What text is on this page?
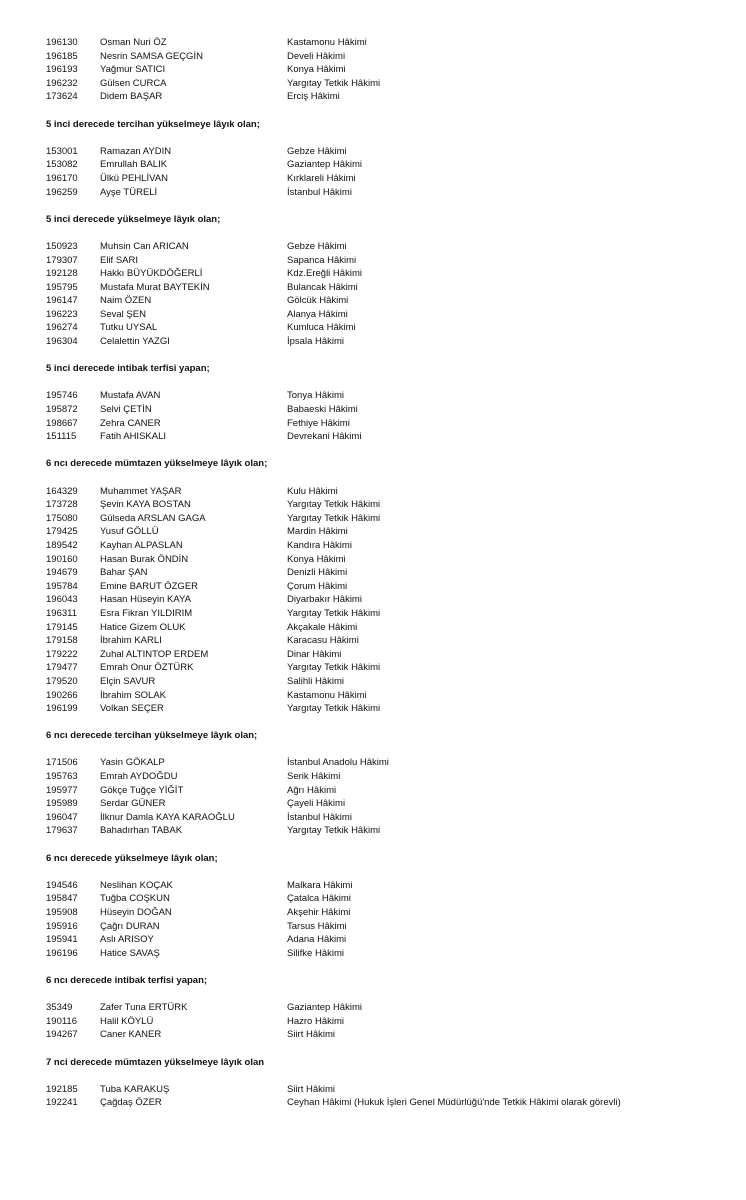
196130 Osman Nuri ÖZ	Kastamonu Hâkimi
196185 Nesrin SAMSA GEÇGİN	Develi Hâkimi
196193 Yağmur SATICI	Konya Hâkimi
196232 Gülsen CURCA	Yargıtay Tetkik Hâkimi
173624 Didem BAŞAR	Erciş Hâkimi
5 inci derecede tercihan yükselmeye lâyık olan;
153001 Ramazan AYDIN	Gebze Hâkimi
153082 Emrullah BALIK	Gaziantep Hâkimi
196170 Ülkü PEHLİVAN	Kırklareli Hâkimi
196259 Ayşe TÜRELİ	İstanbul Hâkimi
5 inci derecede yükselmeye lâyık olan;
150923 Muhsin Can ARICAN	Gebze Hâkimi
179307 Elif SARI	Sapanca Hâkimi
192128 Hakkı BÜYÜKDÖĞERLİ	Kdz.Ereğli Hâkimi
195795 Mustafa Murat BAYTEKİN	Bulancak Hâkimi
196147 Naim ÖZEN	Gölcük Hâkimi
196223 Seval ŞEN	Alanya Hâkimi
196274 Tutku UYSAL	Kumluca Hâkimi
196304 Celalettin YAZGI	İpsala Hâkimi
5 inci derecede intibak terfisi yapan;
195746 Mustafa AVAN	Tonya Hâkimi
195872 Selvi ÇETİN	Babaeski Hâkimi
198667 Zehra CANER	Fethiye Hâkimi
151115 Fatih AHISKALI	Devrekani Hâkimi
6 ncı derecede mümtazen yükselmeye lâyık olan;
164329 Muhammet YAŞAR	Kulu Hâkimi
173728 Şevin KAYA BOSTAN	Yargıtay Tetkik Hâkimi
175080 Gülseda ARSLAN GAGA	Yargıtay Tetkik Hâkimi
179425 Yusuf GÖLLÜ	Mardin Hâkimi
189542 Kayhan ALPASLAN	Kandıra Hâkimi
190160 Hasan Burak ÖNDİN	Konya Hâkimi
194679 Bahar ŞAN	Denizli Hâkimi
195784 Emine BARUT ÖZGER	Çorum Hâkimi
196043 Hasan Hüseyin KAYA	Diyarbakır Hâkimi
196311 Esra Fikran YILDIRIM	Yargıtay Tetkik Hâkimi
179145 Hatice Gizem OLUK	Akçakale Hâkimi
179158 İbrahim KARLI	Karacasu Hâkimi
179222 Zuhal ALTINTOP ERDEM	Dinar Hâkimi
179477 Emrah Onur ÖZTÜRK	Yargıtay Tetkik Hâkimi
179520 Elçin SAVUR	Salihli Hâkimi
190266 İbrahim SOLAK	Kastamonu Hâkimi
196199 Volkan SEÇER	Yargıtay Tetkik Hâkimi
6 ncı derecede tercihan yükselmeye lâyık olan;
171506 Yasin GÖKALP	İstanbul Anadolu Hâkimi
195763 Emrah AYDOĞDU	Serik Hâkimi
195977 Gökçe Tuğçe YİĞİT	Ağrı Hâkimi
195989 Serdar GÜNER	Çayeli Hâkimi
196047 İlknur Damla KAYA KARAOĞLU	İstanbul Hâkimi
179637 Bahadırhan TABAK	Yargıtay Tetkik Hâkimi
6 ncı derecede yükselmeye lâyık olan;
194546 Neslihan KOÇAK	Malkara Hâkimi
195847 Tuğba COŞKUN	Çatalca Hâkimi
195908 Hüseyin DOĞAN	Akşehir Hâkimi
195916 Çağrı DURAN	Tarsus Hâkimi
195941 Aslı ARISOY	Adana Hâkimi
196196 Hatice SAVAŞ	Silifke Hâkimi
6 ncı derecede intibak terfisi yapan;
35349	Zafer Tuna ERTÜRK	Gaziantep Hâkimi
190116 Halil KÖYLÜ	Hazro Hâkimi
194267 Caner KANER	Siirt Hâkimi
7 nci derecede mümtazen yükselmeye lâyık olan
192185 Tuba KARAKUŞ	Siirt Hâkimi
192241 Çağdaş ÖZER	Ceyhan Hâkimi (Hukuk İşleri Genel Müdürlüğü'nde Tetkik Hâkimi olarak görevli)
